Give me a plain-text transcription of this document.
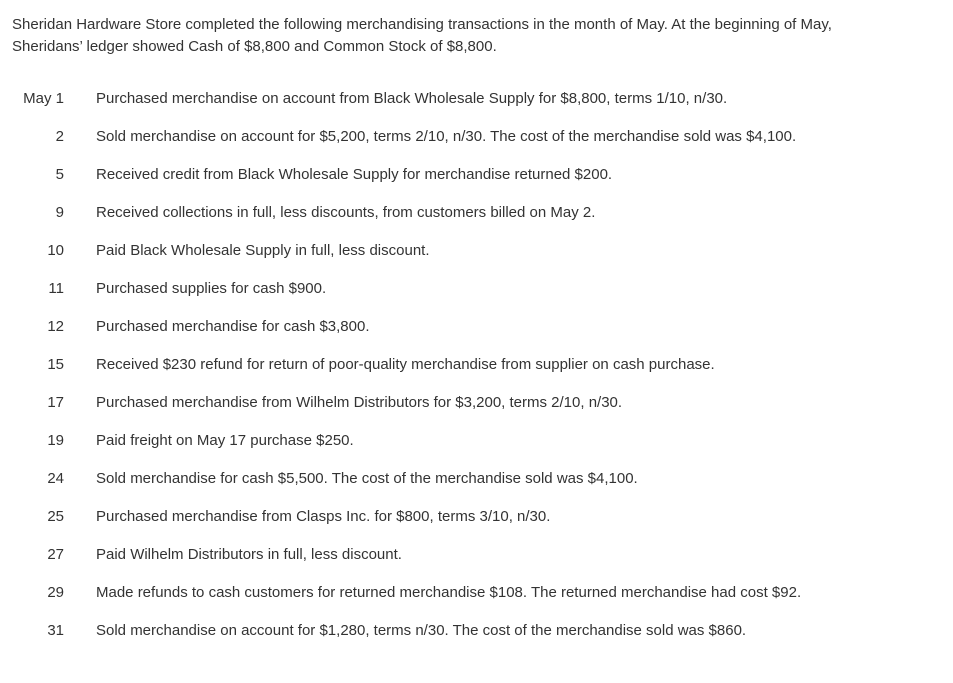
Sheridan Hardware Store completed the following merchandising transactions in the month of May. At the beginning of May,
Sheridans’ ledger showed Cash of $8,800 and Common Stock of $8,800.

May 1 Purchased merchandise on account from Black Wholesale Supply for $8,800, terms 1/10, n/30.
2 Sold merchandise on account for $5,200, terms 2/10, n/30. The cost of the merchandise sold was $4,100.
5 Received credit from Black Wholesale Supply for merchandise returned $200.
9 Received collections in full, less discounts, from customers billed on May 2.
10 Paid Black Wholesale Supply in full, less discount.
11 Purchased supplies for cash $900.
12 Purchased merchandise for cash $3,800.
15 Received $230 refund for return of poor-quality merchandise from supplier on cash purchase.
17 Purchased merchandise from Wilhelm Distributors for $3,200, terms 2/10, n/30.
19 Paid freight on May 17 purchase $250.
24 Sold merchandise for cash $5,500. The cost of the merchandise sold was $4,100.
25 Purchased merchandise from Clasps Inc. for $800, terms 3/10, n/30.
27 Paid Wilhelm Distributors in full, less discount.
29 Made refunds to cash customers for returned merchandise $108. The returned merchandise had cost $92.
31 Sold merchandise on account for $1,280, terms n/30. The cost of the merchandise sold was $860.
